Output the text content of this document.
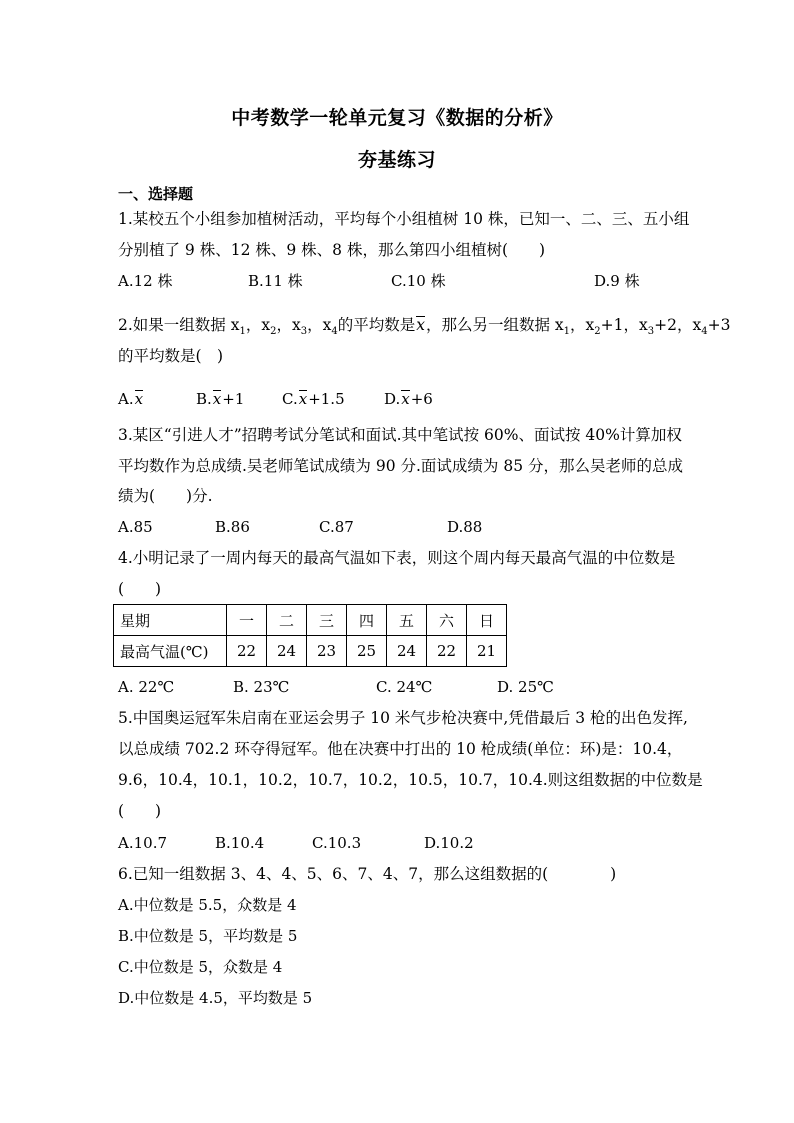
中考数学一轮单元复习《数据的分析》
夯基练习
一、选择题
1.某校五个小组参加植树活动，平均每个小组植树 10 株，已知一、二、三、五小组
分别植了 9 株、12 株、9 株、8 株，那么第四小组植树(　　)
A.12 株	B.11 株	C.10 株	D.9 株
2.如果一组数据 $x_1$，$x_2$，$x_3$，$x_4$的平均数是x，那么另一组数据 $x_1$，$x_2+1$，$x_3+2$，$x_4+3$
的平均数是(　)
A.x	B.x+1	C.x+1.5	D.x+6
3.某区“引进人才”招聘考试分笔试和面试.其中笔试按 60%、面试按 40%计算加权
平均数作为总成绩.吴老师笔试成绩为 90 分.面试成绩为 85 分，那么吴老师的总成
绩为(　　)分.
A.85	B.86	C.87	D.88
4.小明记录了一周内每天的最高气温如下表，则这个周内每天最高气温的中位数是
(　　)
星期	一	二	三	四	五	六	日
最高气温(℃)	22	24	23	25	24	22	21
A. 22℃	B. 23℃	C. 24℃	D. 25℃
5.中国奥运冠军朱启南在亚运会男子 10 米气步枪决赛中,凭借最后 3 枪的出色发挥,
以总成绩 702.2 环夺得冠军。他在决赛中打出的 10 枪成绩(单位：环)是：10.4，
9.6，10.4，10.1，10.2，10.7，10.2，10.5，10.7，10.4.则这组数据的中位数是
(　　)
A.10.7	B.10.4	C.10.3	D.10.2
6.已知一组数据 3、4、4、5、6、7、4、7，那么这组数据的(　　　　)
A.中位数是 5.5，众数是 4
B.中位数是 5，平均数是 5
C.中位数是 5，众数是 4
D.中位数是 4.5，平均数是 5
